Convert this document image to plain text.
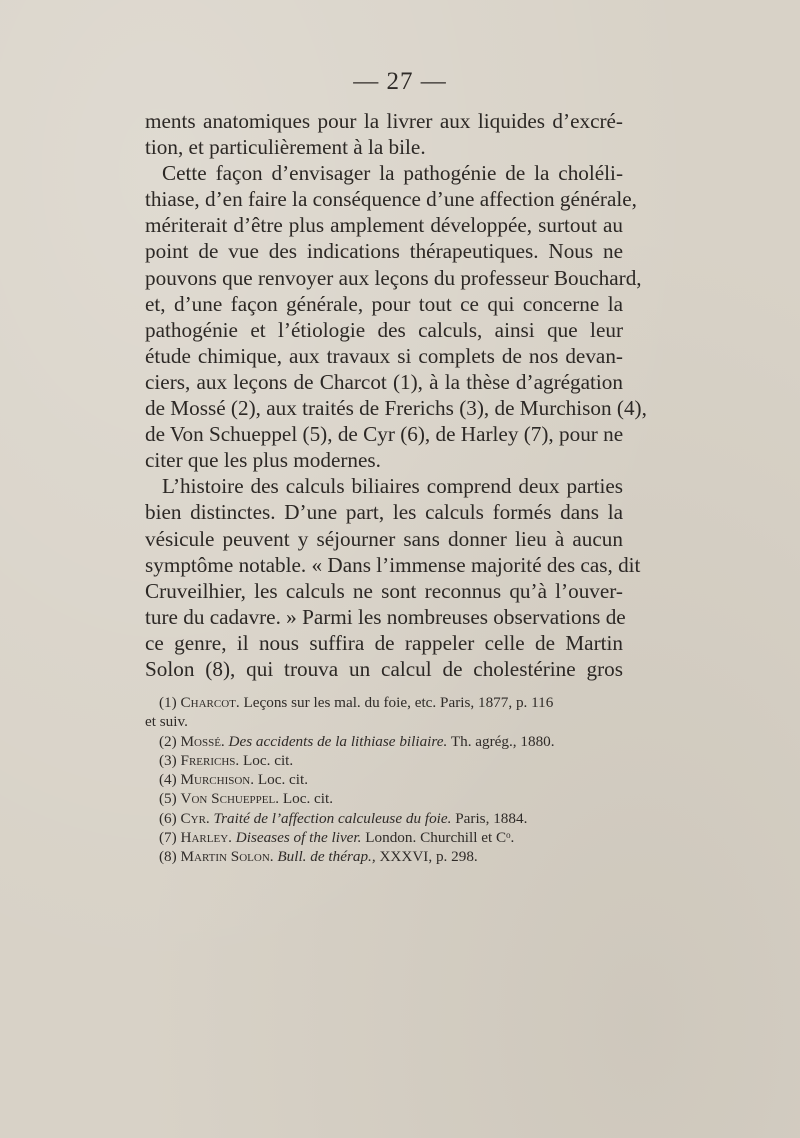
— 27 —
ments anatomiques pour la livrer aux liquides d’excré-
tion, et particulièrement à la bile.
Cette façon d’envisager la pathogénie de la choléli-
thiase, d’en faire la conséquence d’une affection générale,
mériterait d’être plus amplement développée, surtout au
point de vue des indications thérapeutiques. Nous ne
pouvons que renvoyer aux leçons du professeur Bouchard,
et, d’une façon générale, pour tout ce qui concerne la
pathogénie et l’étiologie des calculs, ainsi que leur
étude chimique, aux travaux si complets de nos devan-
ciers, aux leçons de Charcot (1), à la thèse d’agrégation
de Mossé (2), aux traités de Frerichs (3), de Murchison (4),
de Von Schueppel (5), de Cyr (6), de Harley (7), pour ne
citer que les plus modernes.
L’histoire des calculs biliaires comprend deux parties
bien distinctes. D’une part, les calculs formés dans la
vésicule peuvent y séjourner sans donner lieu à aucun
symptôme notable. « Dans l’immense majorité des cas, dit
Cruveilhier, les calculs ne sont reconnus qu’à l’ouver-
ture du cadavre. » Parmi les nombreuses observations de
ce genre, il nous suffira de rappeler celle de Martin
Solon (8), qui trouva un calcul de cholestérine gros
(1) Charcot. Leçons sur les mal. du foie, etc. Paris, 1877, p. 116
et suiv.
(2) Mossé. Des accidents de la lithiase biliaire. Th. agrég., 1880.
(3) Frerichs. Loc. cit.
(4) Murchison. Loc. cit.
(5) Von Schueppel. Loc. cit.
(6) Cyr. Traité de l’affection calculeuse du foie. Paris, 1884.
(7) Harley. Diseases of the liver. London. Churchill et Cᵒ.
(8) Martin Solon. Bull. de thérap., XXXVI, p. 298.
